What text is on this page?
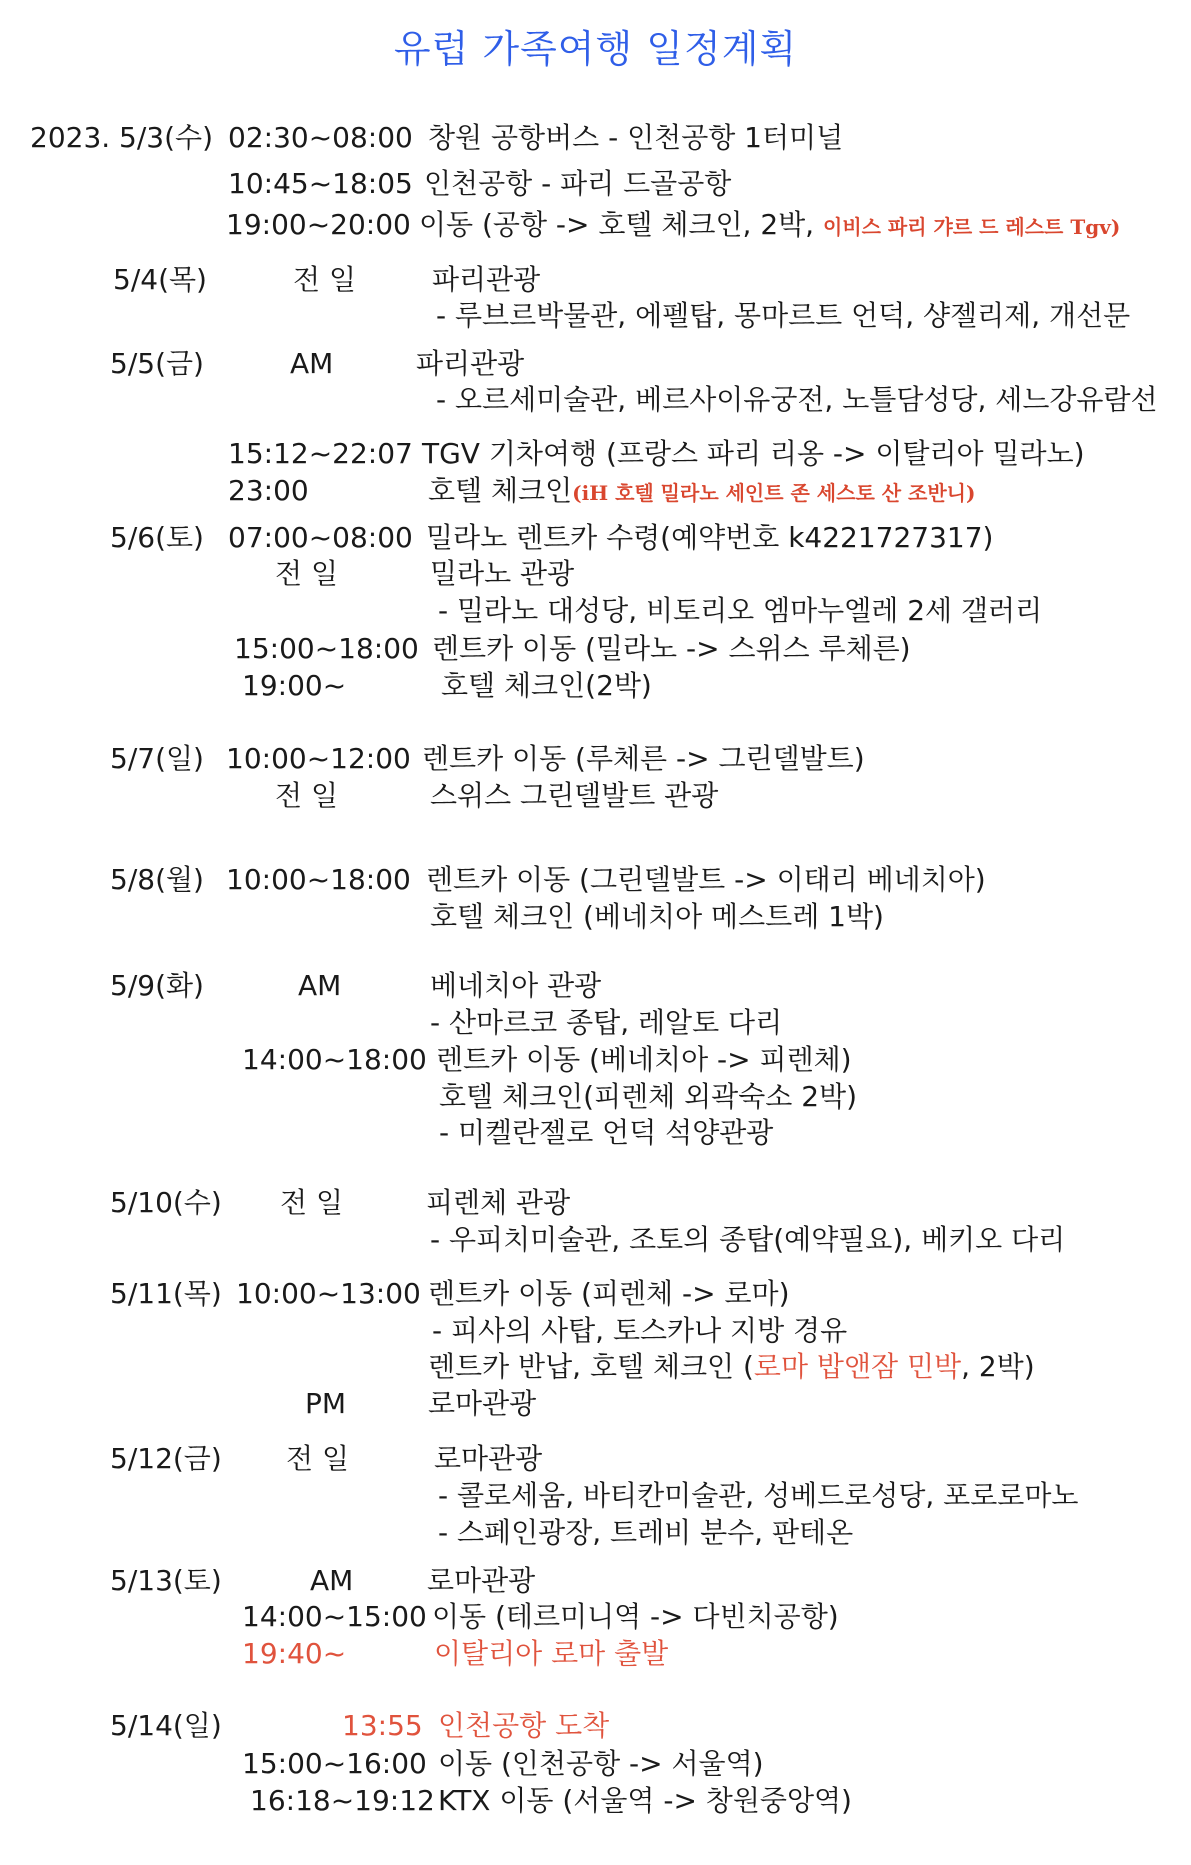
유럽 가족여행 일정계획
2023. 5/3(수) 02:30~08:00 창원 공항버스 - 인천공항 1터미널
10:45~18:05 인천공항 - 파리 드골공항
19:00~20:00 이동 (공항 -> 호텔 체크인, 2박, 이비스 파리 갸르 드 레스트 Tgv)
5/4(목)	전 일	파리관광
- 루브르박물관, 에펠탑, 몽마르트 언덕, 샹젤리제, 개선문
5/5(금)	AM	파리관광
- 오르세미술관, 베르사이유궁전, 노틀담성당, 세느강유람선
15:12~22:07 TGV 기차여행 (프랑스 파리 리옹 -> 이탈리아 밀라노)
23:00	호텔 체크인(iH 호텔 밀라노 세인트 존 세스토 산 조반니)
5/6(토) 07:00~08:00 밀라노 렌트카 수령(예약번호 k4221727317)
전 일	밀라노 관광
- 밀라노 대성당, 비토리오 엠마누엘레 2세 갤러리
15:00~18:00 렌트카 이동 (밀라노 -> 스위스 루체른)
19:00~	호텔 체크인(2박)
5/7(일) 10:00~12:00 렌트카 이동 (루체른 -> 그린델발트)
전 일	스위스 그린델발트 관광
5/8(월) 10:00~18:00 렌트카 이동 (그린델발트 -> 이태리 베네치아)
호텔 체크인 (베네치아 메스트레 1박)
5/9(화)	AM	베네치아 관광
- 산마르코 종탑, 레알토 다리
14:00~18:00 렌트카 이동 (베네치아 -> 피렌체)
호텔 체크인(피렌체 외곽숙소 2박)
- 미켈란젤로 언덕 석양관광
5/10(수) 전 일	피렌체 관광
- 우피치미술관, 조토의 종탑(예약필요), 베키오 다리
5/11(목) 10:00~13:00 렌트카 이동 (피렌체 -> 로마)
- 피사의 사탑, 토스카나 지방 경유
렌트카 반납, 호텔 체크인 (로마 밥앤잠 민박, 2박)
PM	로마관광
5/12(금) 전 일	로마관광
- 콜로세움, 바티칸미술관, 성베드로성당, 포로로마노
- 스페인광장, 트레비 분수, 판테온
5/13(토)	AM	로마관광
14:00~15:00 이동 (테르미니역 -> 다빈치공항)
19:40~	이탈리아 로마 출발
5/14(일)	13:55 인천공항 도착
15:00~16:00 이동 (인천공항 -> 서울역)
16:18~19:12 KTX 이동 (서울역 -> 창원중앙역)
